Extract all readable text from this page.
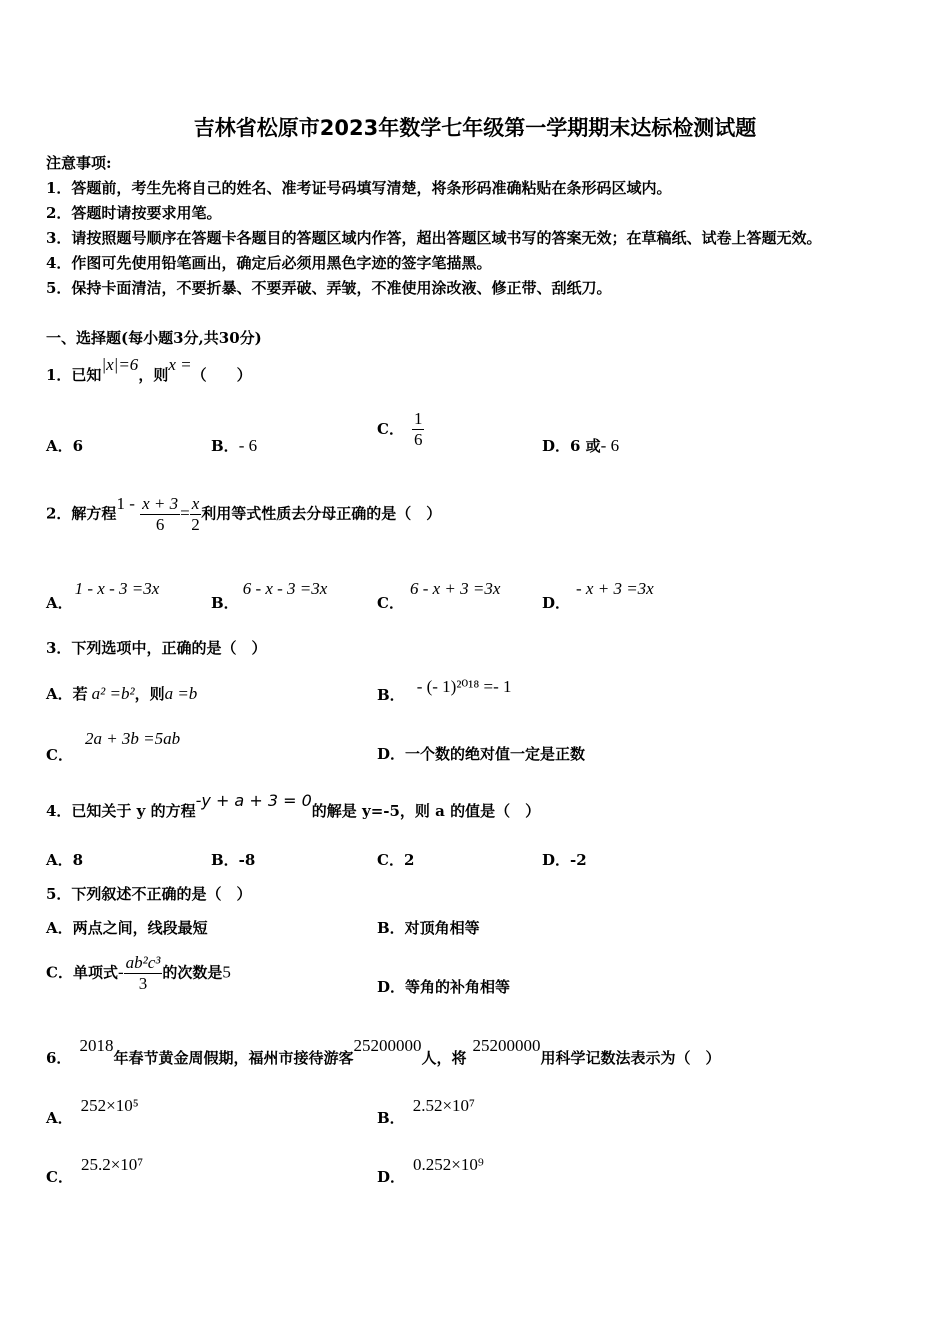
吉林省松原市2023年数学七年级第一学期期末达标检测试题
注意事项:
1．答题前，考生先将自己的姓名、准考证号码填写清楚，将条形码准确粘贴在条形码区域内。
2．答题时请按要求用笔。
3．请按照题号顺序在答题卡各题目的答题区域内作答，超出答题区域书写的答案无效；在草稿纸、试卷上答题无效。
4．作图可先使用铅笔画出，确定后必须用黑色字迹的签字笔描黑。
5．保持卡面清洁，不要折暴、不要弄破、弄皱，不准使用涂改液、修正带、刮纸刀。
一、选择题(每小题3分,共30分)
1．已知|x|=6，则x =（　　）
A．6	B．- 6
C． $\frac{1}{6}$	D．6 或- 6
2．解方程$1 - \frac{x + 3}{6} = \frac{x}{2}$ 利用等式性质去分母正确的是（　）
A．1 - x - 3 =3x
B．6 - x - 3 =3x
C．6 - x + 3 =3x
D．- x + 3 =3x
3．下列选项中，正确的是（　）
A．若 a² =b²，则a =b	B． - (- 1)²⁰¹⁸ =- 1
C．2a + 3b =5ab
D．一个数的绝对值一定是正数
4．已知关于 y 的方程-y + a + 3 = 0的解是 y=-5，则 a 的值是（　）
A．8	B．-8	C．2	D．-2
5．下列叙述不正确的是（　）
A．两点之间，线段最短	B．对顶角相等
C．单项式- $\frac{\text{ab²c³}}{3}$ 的次数是5
D．等角的补角相等
6．2018年春节黄金周假期，福州市接待游客25200000人，将25200000用科学记数法表示为（　）
A．252×10⁵
B．2.52×10⁷
C．25.2×10⁷
D．0.252×10⁹
